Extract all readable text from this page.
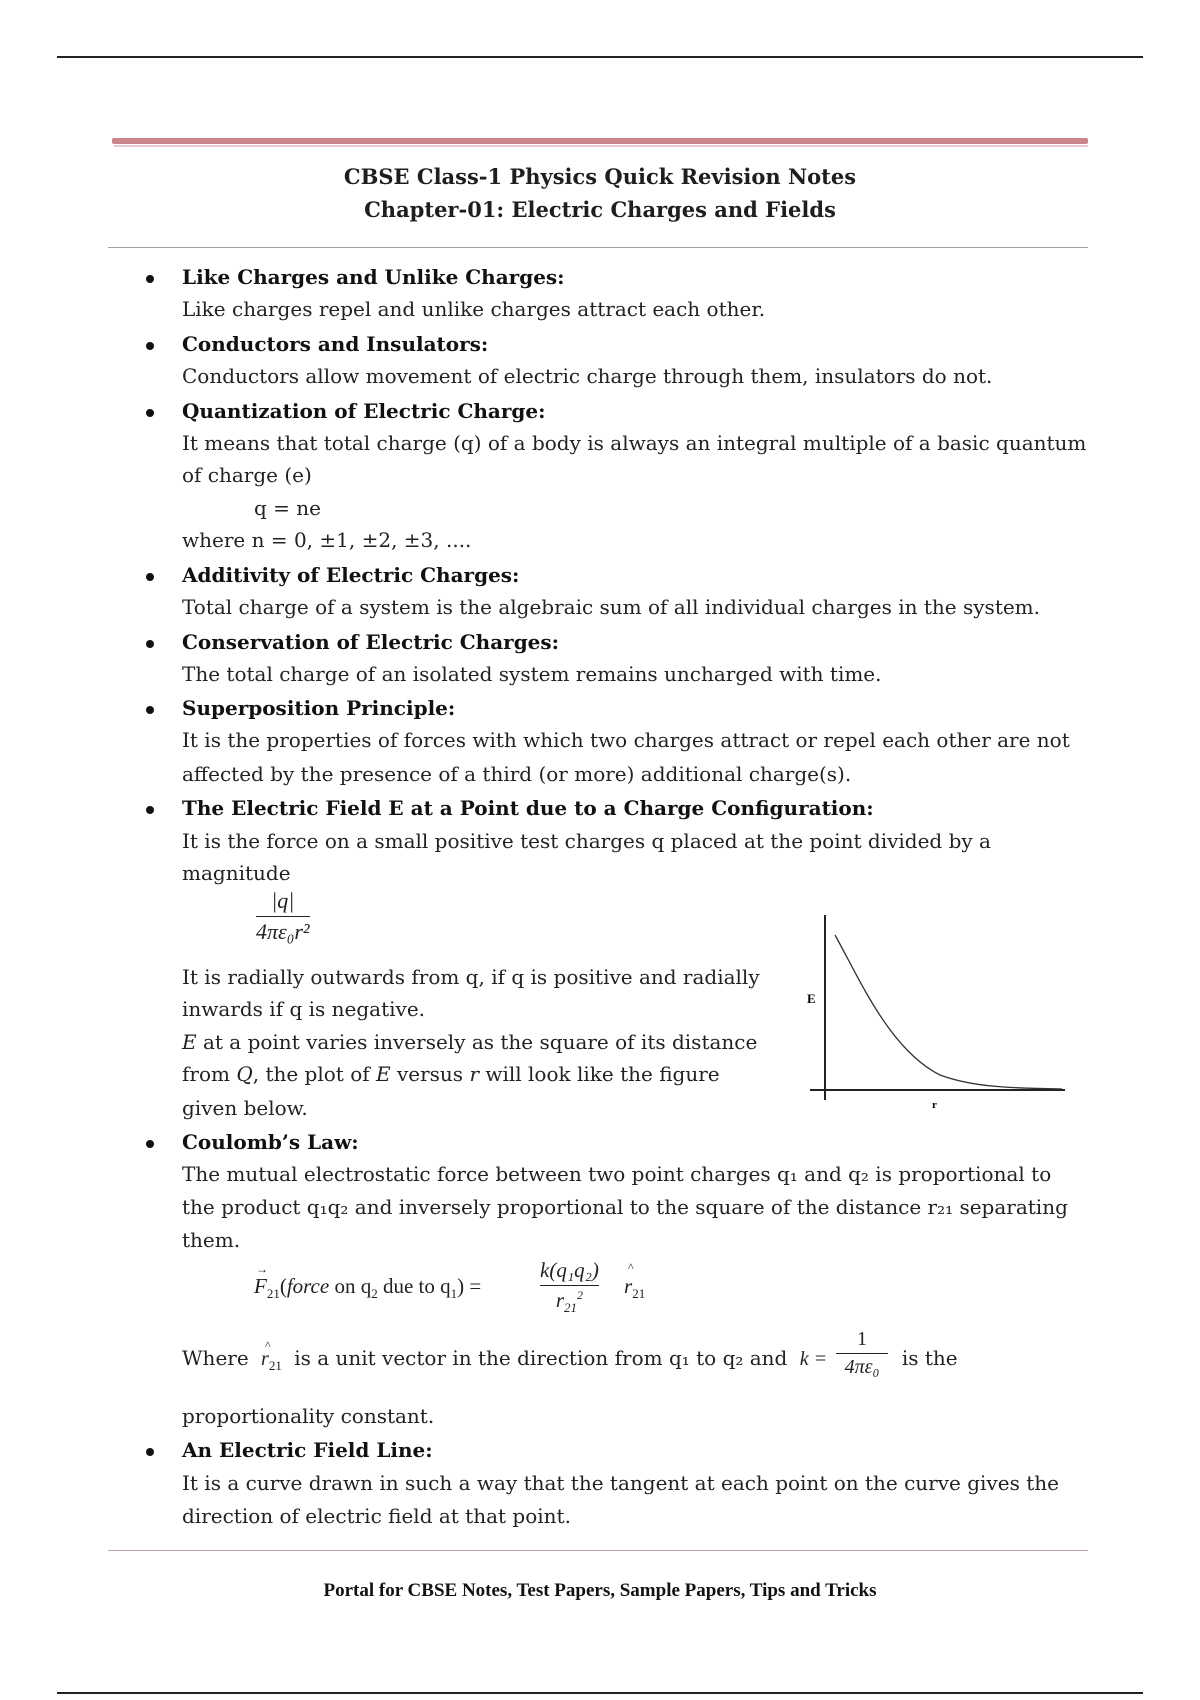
CBSE Class-1 Physics Quick Revision Notes
Chapter-01: Electric Charges and Fields
Like Charges and Unlike Charges:
Like charges repel and unlike charges attract each other.
Conductors and Insulators:
Conductors allow movement of electric charge through them, insulators do not.
Quantization of Electric Charge:
It means that total charge (q) of a body is always an integral multiple of a basic quantum
of charge (e)
q = ne
where n = 0, ±1, ±2, ±3, ....
Additivity of Electric Charges:
Total charge of a system is the algebraic sum of all individual charges in the system.
Conservation of Electric Charges:
The total charge of an isolated system remains uncharged with time.
Superposition Principle:
It is the properties of forces with which two charges attract or repel each other are not
affected by the presence of a third (or more) additional charge(s).
The Electric Field E at a Point due to a Charge Configuration:
It is the force on a small positive test charges q placed at the point divided by a
magnitude
|q|
4πε₀r²
It is radially outwards from q, if q is positive and radially
inwards if q is negative.
E at a point varies inversely as the square of its distance
from Q, the plot of E versus r will look like the figure
given below.
E
r
Coulomb’s Law:
The mutual electrostatic force between two point charges q₁ and q₂ is proportional to
the product q₁q₂ and inversely proportional to the square of the distance r₂₁ separating
them.
→
$F_{21}(force$ on $q_2$ due to $q_1$) =
k(q₁q₂)
$r_{21}^2$
^
$r_{21}$
Where
^
$r_{21}$ is a unit vector in the direction from q₁ to q₂ and k =	is the
1
4πε₀
proportionality constant.
An Electric Field Line:
It is a curve drawn in such a way that the tangent at each point on the curve gives the
direction of electric field at that point.
Portal for CBSE Notes, Test Papers, Sample Papers, Tips and Tricks
